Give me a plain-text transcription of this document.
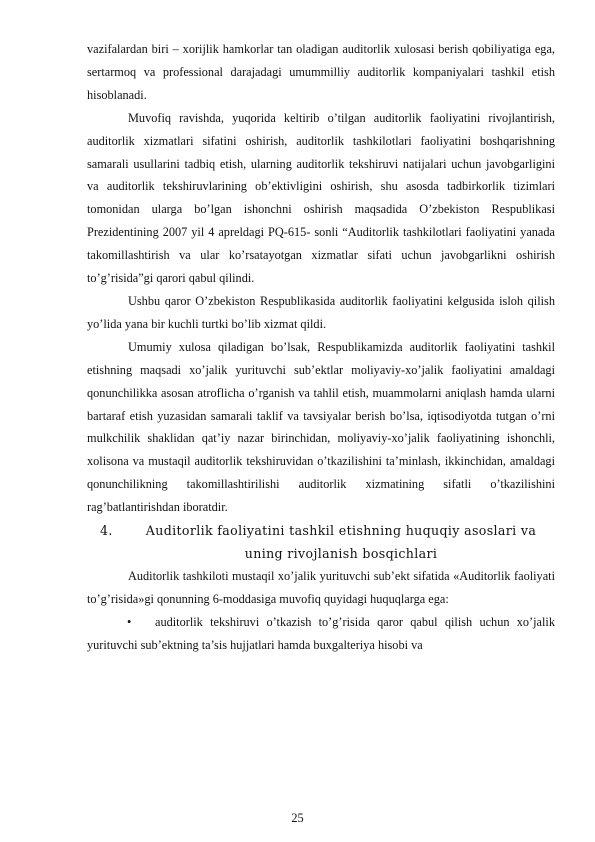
vazifalardan biri – xorijlik hamkorlar tan oladigan auditorlik xulosasi berish qobiliyatiga ega, sertarmoq va professional darajadagi umummilliy auditorlik kompaniyalari tashkil etish hisoblanadi.

Muvofiq ravishda, yuqorida keltirib o’tilgan auditorlik faoliyatini rivojlantirish, auditorlik xizmatlari sifatini oshirish, auditorlik tashkilotlari faoliyatini boshqarishning samarali usullarini tadbiq etish, ularning auditorlik tekshiruvi natijalari uchun javobgarligini va auditorlik tekshiruvlarining ob’ektivligini oshirish, shu asosda tadbirkorlik tizimlari tomonidan ularga bo’lgan ishonchni oshirish maqsadida O’zbekiston Respublikasi Prezidentining 2007 yil 4 apreldagi PQ-615- sonli “Auditorlik tashkilotlari faoliyatini yanada takomillashtirish va ular ko’rsatayotgan xizmatlar sifati uchun javobgarlikni oshirish to’g’risida”gi qarori qabul qilindi.

Ushbu qaror O’zbekiston Respublikasida auditorlik faoliyatini kelgusida isloh qilish yo’lida yana bir kuchli turtki bo’lib xizmat qildi.

Umumiy xulosa qiladigan bo’lsak, Respublikamizda auditorlik faoliyatini tashkil etishning maqsadi xo’jalik yurituvchi sub’ektlar moliyaviy-xo’jalik faoliyatini amaldagi qonunchilikka asosan atroflicha o’rganish va tahlil etish, muammolarni aniqlash hamda ularni bartaraf etish yuzasidan samarali taklif va tavsiyalar berish bo’lsa, iqtisodiyotda tutgan o’rni mulkchilik shaklidan qat’iy nazar birinchidan, moliyaviy-xo’jalik faoliyatining ishonchli, xolisona va mustaqil auditorlik tekshiruvidan o’tkazilishini ta’minlash, ikkinchidan, amaldagi qonunchilikning takomillashtirilishi auditorlik xizmatining sifatli o’tkazilishini rag’batlantirishdan iboratdir.

4.	Auditorlik faoliyatini tashkil etishning huquqiy asoslari va uning rivojlanish bosqichlari

Auditorlik tashkiloti mustaqil xo’jalik yurituvchi sub’ekt sifatida «Auditorlik faoliyati to’g’risida»gi qonunning 6-moddasiga muvofiq quyidagi huquqlarga ega:

• auditorlik tekshiruvi o’tkazish to’g’risida qaror qabul qilish uchun xo’jalik yurituvchi sub’ektning ta’sis hujjatlari hamda buxgalteriya hisobi va

25
